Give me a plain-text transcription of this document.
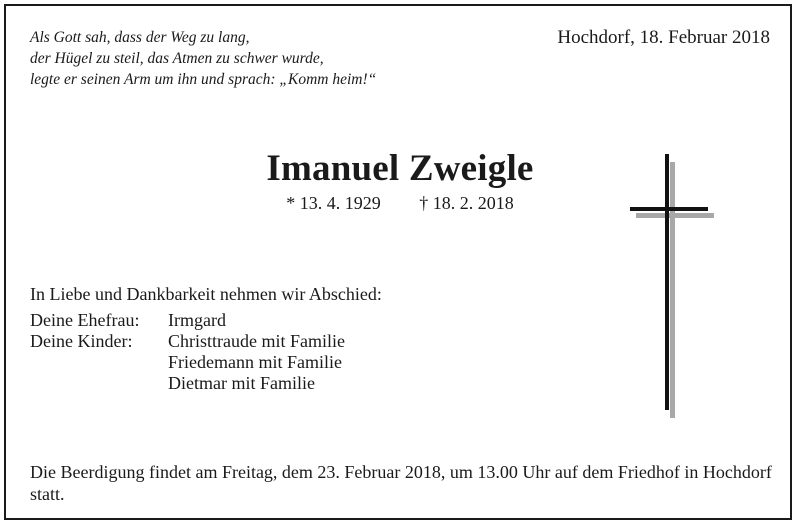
Als Gott sah, dass der Weg zu lang,
der Hügel zu steil, das Atmen zu schwer wurde,
legte er seinen Arm um ihn und sprach: „Komm heim!“
Hochdorf, 18. Februar 2018
Imanuel Zweigle
* 13. 4. 1929 † 18. 2. 2018
In Liebe und Dankbarkeit nehmen wir Abschied:
Deine Ehefrau:	Irmgard
Deine Kinder:	Christtraude mit Familie
Friedemann mit Familie
Dietmar mit Familie
Die Beerdigung findet am Freitag, dem 23. Februar 2018, um 13.00 Uhr auf dem Friedhof in Hochdorf statt.
